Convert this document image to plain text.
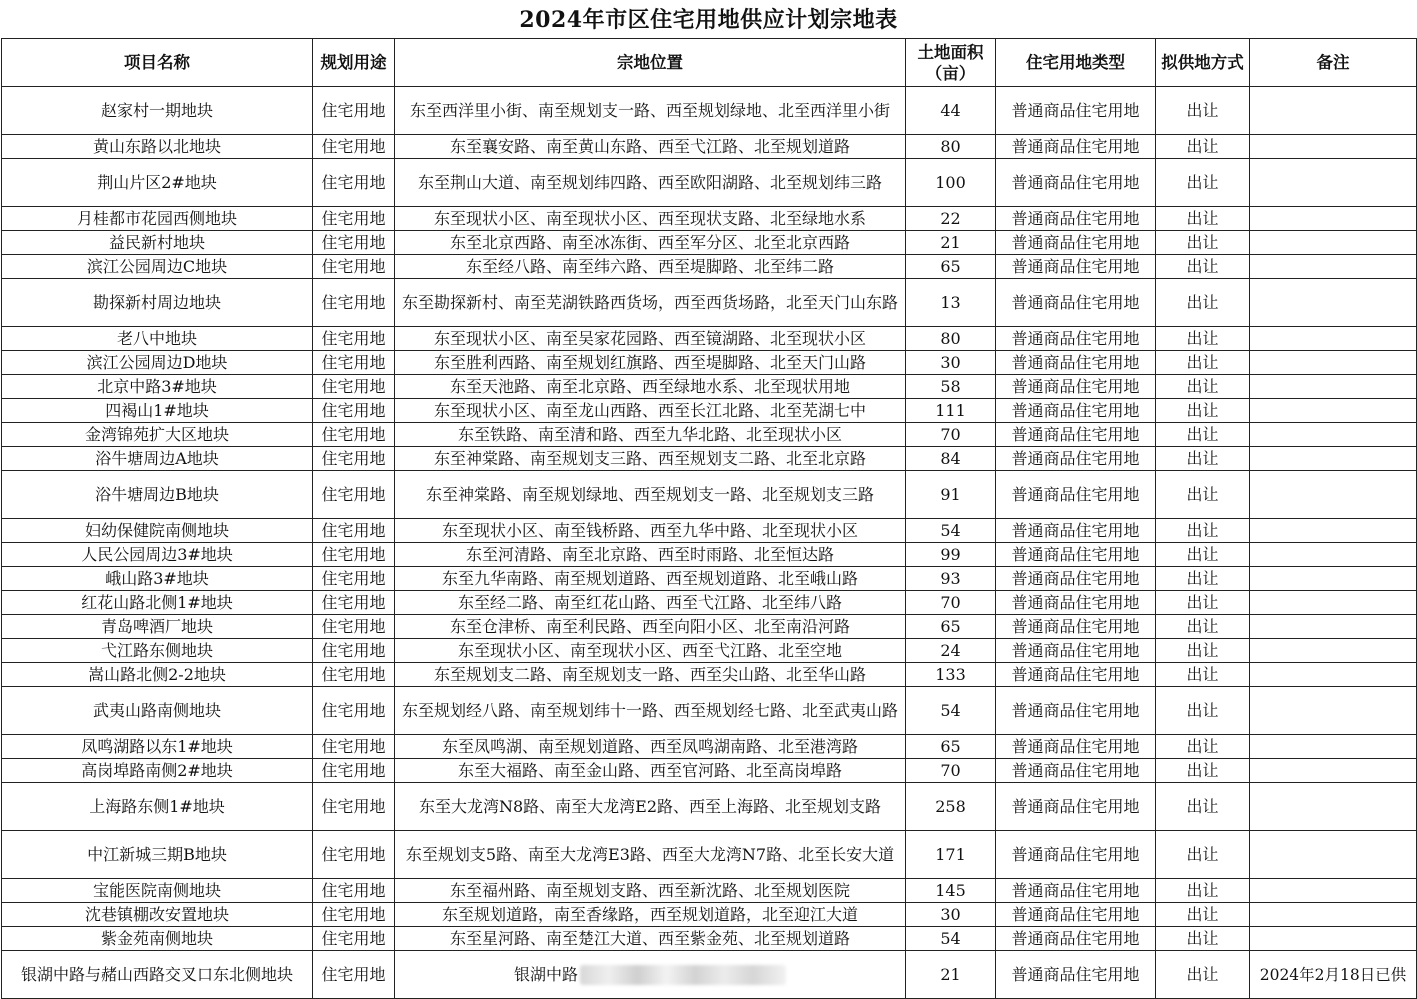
2024年市区住宅用地供应计划宗地表
项目名称	规划用途	宗地位置	土地面积（亩）	住宅用地类型	拟供地方式	备注
赵家村一期地块	住宅用地	东至西洋里小街、南至规划支一路、西至规划绿地、北至西洋里小街	44	普通商品住宅用地	出让	
黄山东路以北地块	住宅用地	东至襄安路、南至黄山东路、西至弋江路、北至规划道路	80	普通商品住宅用地	出让	
荆山片区2#地块	住宅用地	东至荆山大道、南至规划纬四路、西至欧阳湖路、北至规划纬三路	100	普通商品住宅用地	出让	
月桂都市花园西侧地块	住宅用地	东至现状小区、南至现状小区、西至现状支路、北至绿地水系	22	普通商品住宅用地	出让	
益民新村地块	住宅用地	东至北京西路、南至冰冻街、西至军分区、北至北京西路	21	普通商品住宅用地	出让	
滨江公园周边C地块	住宅用地	东至经八路、南至纬六路、西至堤脚路、北至纬二路	65	普通商品住宅用地	出让	
勘探新村周边地块	住宅用地	东至勘探新村、南至芜湖铁路西货场，西至西货场路，北至天门山东路	13	普通商品住宅用地	出让	
老八中地块	住宅用地	东至现状小区、南至吴家花园路、西至镜湖路、北至现状小区	80	普通商品住宅用地	出让	
滨江公园周边D地块	住宅用地	东至胜利西路、南至规划红旗路、西至堤脚路、北至天门山路	30	普通商品住宅用地	出让	
北京中路3#地块	住宅用地	东至天池路、南至北京路、西至绿地水系、北至现状用地	58	普通商品住宅用地	出让	
四褐山1#地块	住宅用地	东至现状小区、南至龙山西路、西至长江北路、北至芜湖七中	111	普通商品住宅用地	出让	
金湾锦苑扩大区地块	住宅用地	东至铁路、南至清和路、西至九华北路、北至现状小区	70	普通商品住宅用地	出让	
浴牛塘周边A地块	住宅用地	东至神棠路、南至规划支三路、西至规划支二路、北至北京路	84	普通商品住宅用地	出让	
浴牛塘周边B地块	住宅用地	东至神棠路、南至规划绿地、西至规划支一路、北至规划支三路	91	普通商品住宅用地	出让	
妇幼保健院南侧地块	住宅用地	东至现状小区、南至钱桥路、西至九华中路、北至现状小区	54	普通商品住宅用地	出让	
人民公园周边3#地块	住宅用地	东至河清路、南至北京路、西至时雨路、北至恒达路	99	普通商品住宅用地	出让	
峨山路3#地块	住宅用地	东至九华南路、南至规划道路、西至规划道路、北至峨山路	93	普通商品住宅用地	出让	
红花山路北侧1#地块	住宅用地	东至经二路、南至红花山路、西至弋江路、北至纬八路	70	普通商品住宅用地	出让	
青岛啤酒厂地块	住宅用地	东至仓津桥、南至利民路、西至向阳小区、北至南沿河路	65	普通商品住宅用地	出让	
弋江路东侧地块	住宅用地	东至现状小区、南至现状小区、西至弋江路、北至空地	24	普通商品住宅用地	出让	
嵩山路北侧2-2地块	住宅用地	东至规划支二路、南至规划支一路、西至尖山路、北至华山路	133	普通商品住宅用地	出让	
武夷山路南侧地块	住宅用地	东至规划经八路、南至规划纬十一路、西至规划经七路、北至武夷山路	54	普通商品住宅用地	出让	
凤鸣湖路以东1#地块	住宅用地	东至凤鸣湖、南至规划道路、西至凤鸣湖南路、北至港湾路	65	普通商品住宅用地	出让	
高岗埠路南侧2#地块	住宅用地	东至大福路、南至金山路、西至官河路、北至高岗埠路	70	普通商品住宅用地	出让	
上海路东侧1#地块	住宅用地	东至大龙湾N8路、南至大龙湾E2路、西至上海路、北至规划支路	258	普通商品住宅用地	出让	
中江新城三期B地块	住宅用地	东至规划支5路、南至大龙湾E3路、西至大龙湾N7路、北至长安大道	171	普通商品住宅用地	出让	
宝能医院南侧地块	住宅用地	东至福州路、南至规划支路、西至新沈路、北至规划医院	145	普通商品住宅用地	出让	
沈巷镇棚改安置地块	住宅用地	东至规划道路，南至香缘路，西至规划道路，北至迎江大道	30	普通商品住宅用地	出让	
紫金苑南侧地块	住宅用地	东至星河路、南至楚江大道、西至紫金苑、北至规划道路	54	普通商品住宅用地	出让	
银湖中路与赭山西路交叉口东北侧地块	住宅用地	银湖中路	21	普通商品住宅用地	出让	2024年2月18日已供
